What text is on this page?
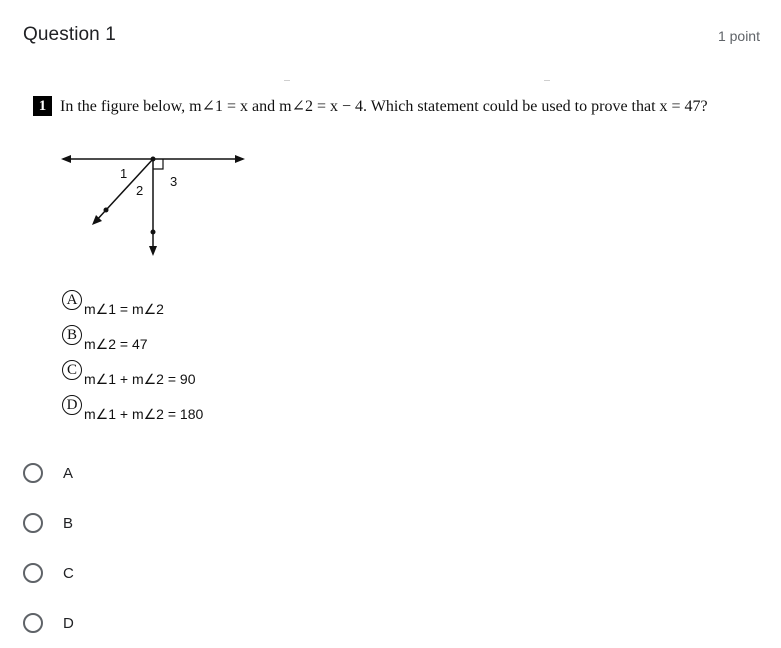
Question 1	1 point
1 In the figure below, m∠1 = x and m∠2 = x − 4. Which statement could be used to prove that x = 47?
1
2
3
A
m∠1 = m∠2
B
m∠2 = 47
C
m∠1 + m∠2 = 90
D
m∠1 + m∠2 = 180
A
B
C
D
